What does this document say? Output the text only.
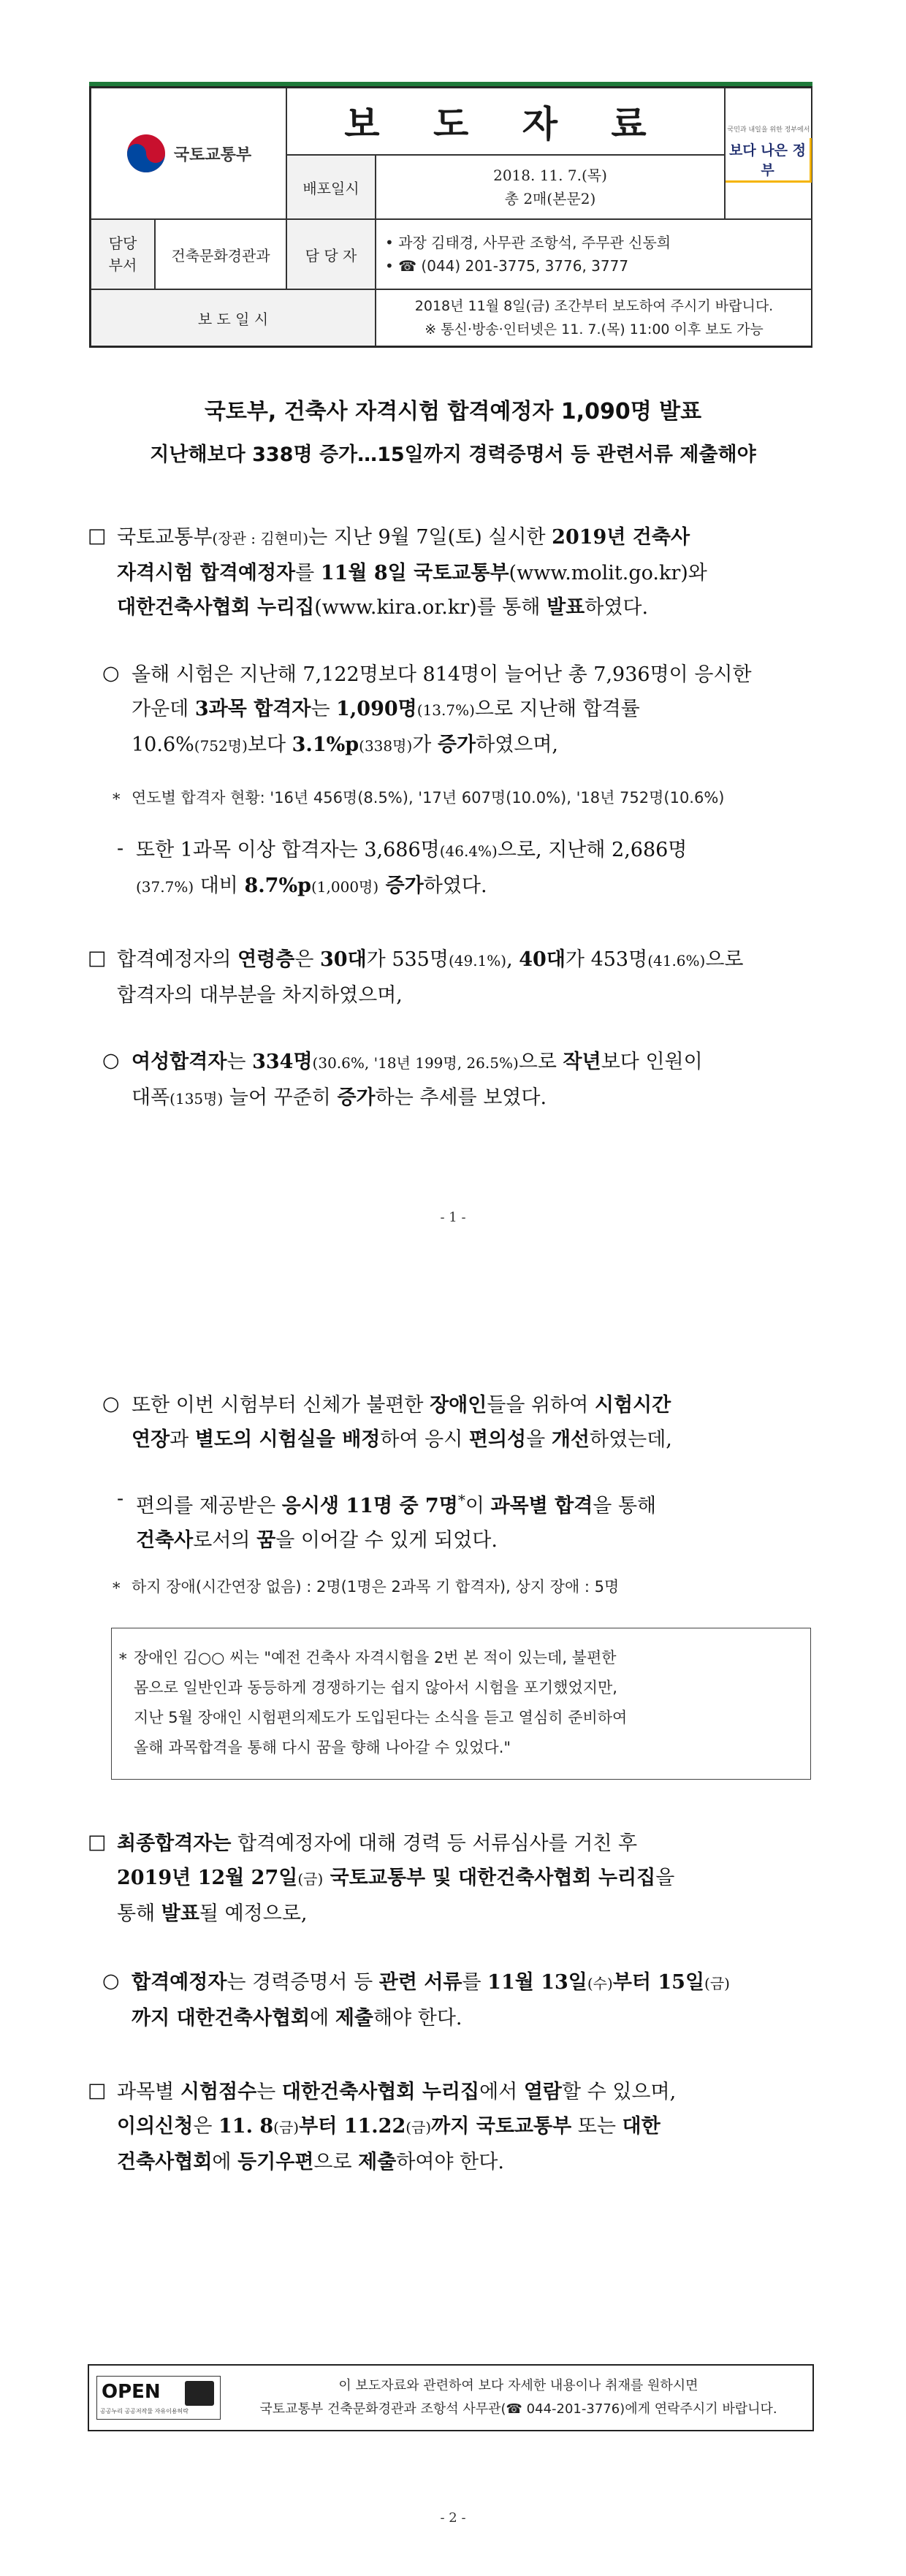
국토교통부
보 도 자 료	국민과 내일을 위한 정부에서
보다 나은 정부
배포일시
2018. 11. 7.(목)
총 2매(본문2)
담당 부서
건축문화경관과 담 당 자
• 과장 김태경, 사무관 조항석, 주무관 신동희
• ☎ (044) 201-3775, 3776, 3777
보 도 일 시
2018년 11월 8일(금) 조간부터 보도하여 주시기 바랍니다.
※ 통신·방송·인터넷은 11. 7.(목) 11:00 이후 보도 가능
국토부, 건축사 자격시험 합격예정자 1,090명 발표
지난해보다 338명 증가…15일까지 경력증명서 등 관련서류 제출해야
□ 국토교통부(장관 : 김현미)는 지난 9월 7일(토) 실시한 2019년 건축사
자격시험 합격예정자를 11월 8일 국토교통부(www.molit.go.kr)와
대한건축사협회 누리집(www.kira.or.kr)를 통해 발표하였다.
○ 올해 시험은 지난해 7,122명보다 814명이 늘어난 총 7,936명이 응시한
가운데 3과목 합격자는 1,090명(13.7%)으로 지난해 합격률
10.6%(752명)보다 3.1%p(338명)가 증가하였으며,
* 연도별 합격자 현황: '16년 456명(8.5%), '17년 607명(10.0%), '18년 752명(10.6%)
- 또한 1과목 이상 합격자는 3,686명(46.4%)으로, 지난해 2,686명
(37.7%) 대비 8.7%p(1,000명) 증가하였다.
□ 합격예정자의 연령층은 30대가 535명(49.1%), 40대가 453명(41.6%)으로
합격자의 대부분을 차지하였으며,
○ 여성합격자는 334명(30.6%, '18년 199명, 26.5%)으로 작년보다 인원이
대폭(135명) 늘어 꾸준히 증가하는 추세를 보였다.
- 1 -
○ 또한 이번 시험부터 신체가 불편한 장애인들을 위하여 시험시간
연장과 별도의 시험실을 배정하여 응시 편의성을 개선하였는데,
- 편의를 제공받은 응시생 11명 중 7명*이 과목별 합격을 통해
건축사로서의 꿈을 이어갈 수 있게 되었다.
* 하지 장애(시간연장 없음) : 2명(1명은 2과목 기 합격자), 상지 장애 : 5명
* 장애인 김○○ 씨는 "예전 건축사 자격시험을 2번 본 적이 있는데, 불편한
몸으로 일반인과 동등하게 경쟁하기는 쉽지 않아서 시험을 포기했었지만,
지난 5월 장애인 시험편의제도가 도입된다는 소식을 듣고 열심히 준비하여
올해 과목합격을 통해 다시 꿈을 향해 나아갈 수 있었다."
□ 최종합격자는 합격예정자에 대해 경력 등 서류심사를 거친 후
2019년 12월 27일(금) 국토교통부 및 대한건축사협회 누리집을
통해 발표될 예정으로,
○ 합격예정자는 경력증명서 등 관련 서류를 11월 13일(수)부터 15일(금)
까지 대한건축사협회에 제출해야 한다.
□ 과목별 시험점수는 대한건축사협회 누리집에서 열람할 수 있으며,
이의신청은 11. 8(금)부터 11.22(금)까지 국토교통부 또는 대한
건축사협회에 등기우편으로 제출하여야 한다.
OPEN
공공누리 공공저작물 자유이용허락
이 보도자료와 관련하여 보다 자세한 내용이나 취재를 원하시면
국토교통부 건축문화경관과 조항석 사무관(☎ 044-201-3776)에게 연락주시기 바랍니다.
- 2 -
